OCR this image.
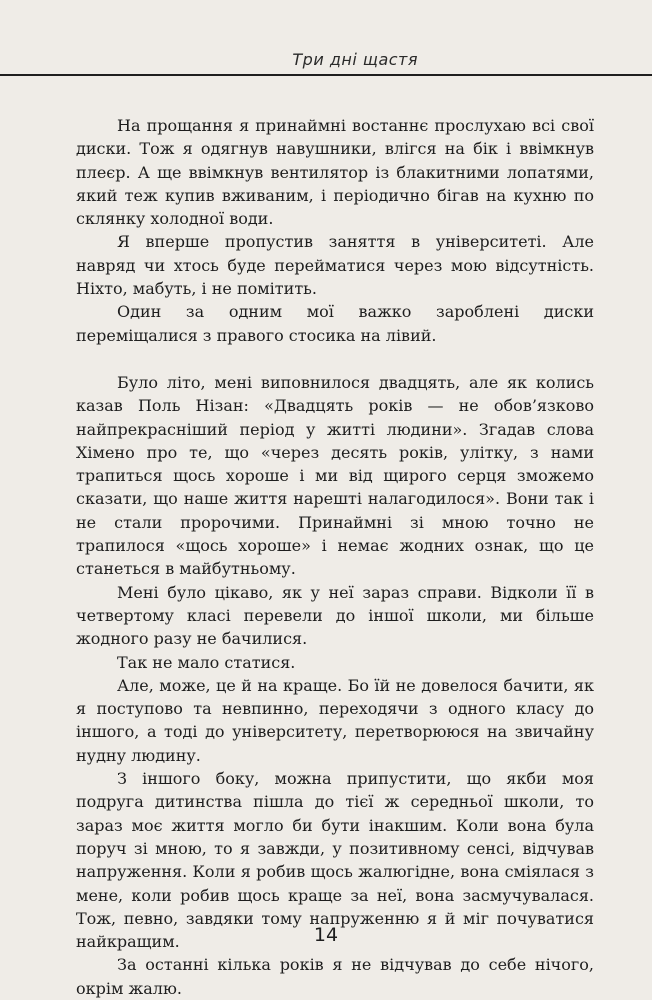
Три дні щастя

На прощання я принаймні востаннє прослухаю всі свої диски. Тож я одягнув навушники, влігся на бік і ввімкнув плеєр. А ще ввімкнув вентилятор із блакитними лопатями, який теж купив вживаним, і періодично бігав на кухню по склянку холодної води.

Я вперше пропустив заняття в університеті. Але навряд чи хтось буде перейматися через мою відсутність. Ніхто, мабуть, і не помітить.

Один за одним мої важко зароблені диски переміщалися з правого стосика на лівий.

Було літо, мені виповнилося двадцять, але як колись казав Поль Нізан: «Двадцять років — не обов’язково найпрекрасніший період у житті людини». Згадав слова Хімено про те, що «через десять років, улітку, з нами трапиться щось хороше і ми від щирого серця зможемо сказати, що наше життя нарешті налагодилося». Вони так і не стали пророчими. Принаймні зі мною точно не трапилося «щось хороше» і немає жодних ознак, що це станеться в майбутньому.

Мені було цікаво, як у неї зараз справи. Відколи її в четвертому класі перевели до іншої школи, ми більше жодного разу не бачилися.

Так не мало статися.

Але, може, це й на краще. Бо їй не довелося бачити, як я поступово та невпинно, переходячи з одного класу до іншого, а тоді до університету, перетворююся на звичайну нудну людину.

З іншого боку, можна припустити, що якби моя подруга дитинства пішла до тієї ж середньої школи, то зараз моє життя могло би бути інакшим. Коли вона була поруч зі мною, то я завжди, у позитивному сенсі, відчував напруження. Коли я робив щось жалюгідне, вона сміялася з мене, коли робив щось краще за неї, вона засмучувалася. Тож, певно, завдяки тому напруженню я й міг почуватися найкращим.

За останні кілька років я не відчував до себе нічого, окрім жалю.

14
